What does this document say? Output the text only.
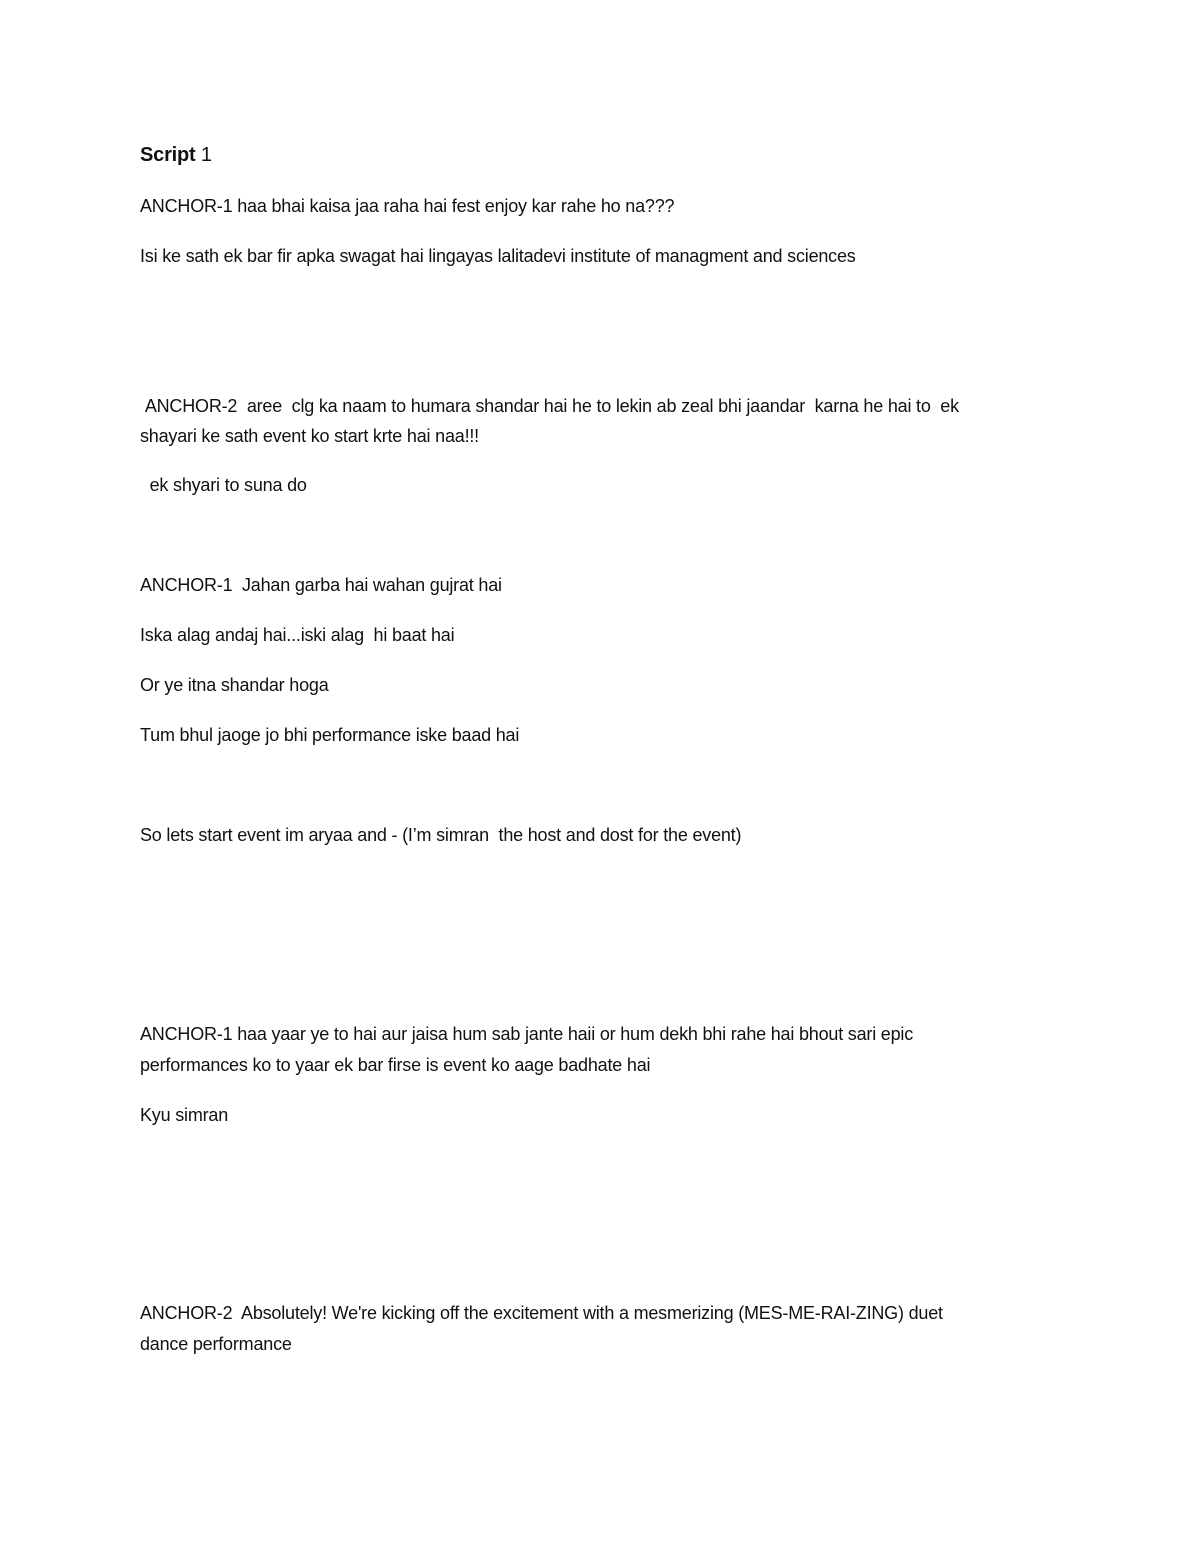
Script 1
ANCHOR-1 haa bhai kaisa jaa raha hai fest enjoy kar rahe ho na???
Isi ke sath ek bar fir apka swagat hai lingayas lalitadevi institute of managment and sciences
ANCHOR-2  aree  clg ka naam to humara shandar hai he to lekin ab zeal bhi jaandar  karna he hai to  ek
shayari ke sath event ko start krte hai naa!!!
ek shyari to suna do
ANCHOR-1  Jahan garba hai wahan gujrat hai
Iska alag andaj hai...iski alag  hi baat hai
Or ye itna shandar hoga
Tum bhul jaoge jo bhi performance iske baad hai
So lets start event im aryaa and - (I’m simran  the host and dost for the event)
ANCHOR-1 haa yaar ye to hai aur jaisa hum sab jante haii or hum dekh bhi rahe hai bhout sari epic
performances ko to yaar ek bar firse is event ko aage badhate hai
Kyu simran
ANCHOR-2  Absolutely! We're kicking off the excitement with a mesmerizing (MES-ME-RAI-ZING) duet
dance performance
